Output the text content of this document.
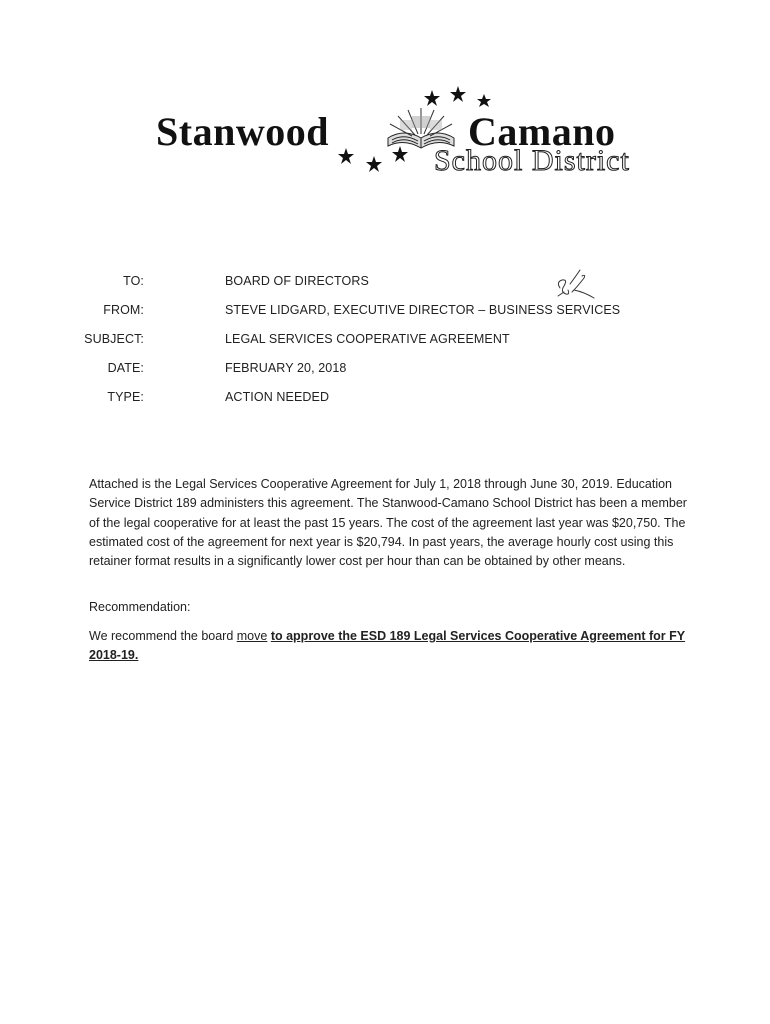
Stanwood	Camano
School District
TO:	BOARD OF DIRECTORS
FROM:	STEVE LIDGARD, EXECUTIVE DIRECTOR – BUSINESS SERVICES
SUBJECT:	LEGAL SERVICES COOPERATIVE AGREEMENT
DATE:	FEBRUARY 20, 2018
TYPE:	ACTION NEEDED
Attached is the Legal Services Cooperative Agreement for July 1, 2018 through June 30, 2019. Education Service District 189 administers this agreement. The Stanwood-Camano School District has been a member of the legal cooperative for at least the past 15 years. The cost of the agreement last year was $20,750. The estimated cost of the agreement for next year is $20,794. In past years, the average hourly cost using this retainer format results in a significantly lower cost per hour than can be obtained by other means.
Recommendation:
We recommend the board move to approve the ESD 189 Legal Services Cooperative Agreement for FY 2018-19.
